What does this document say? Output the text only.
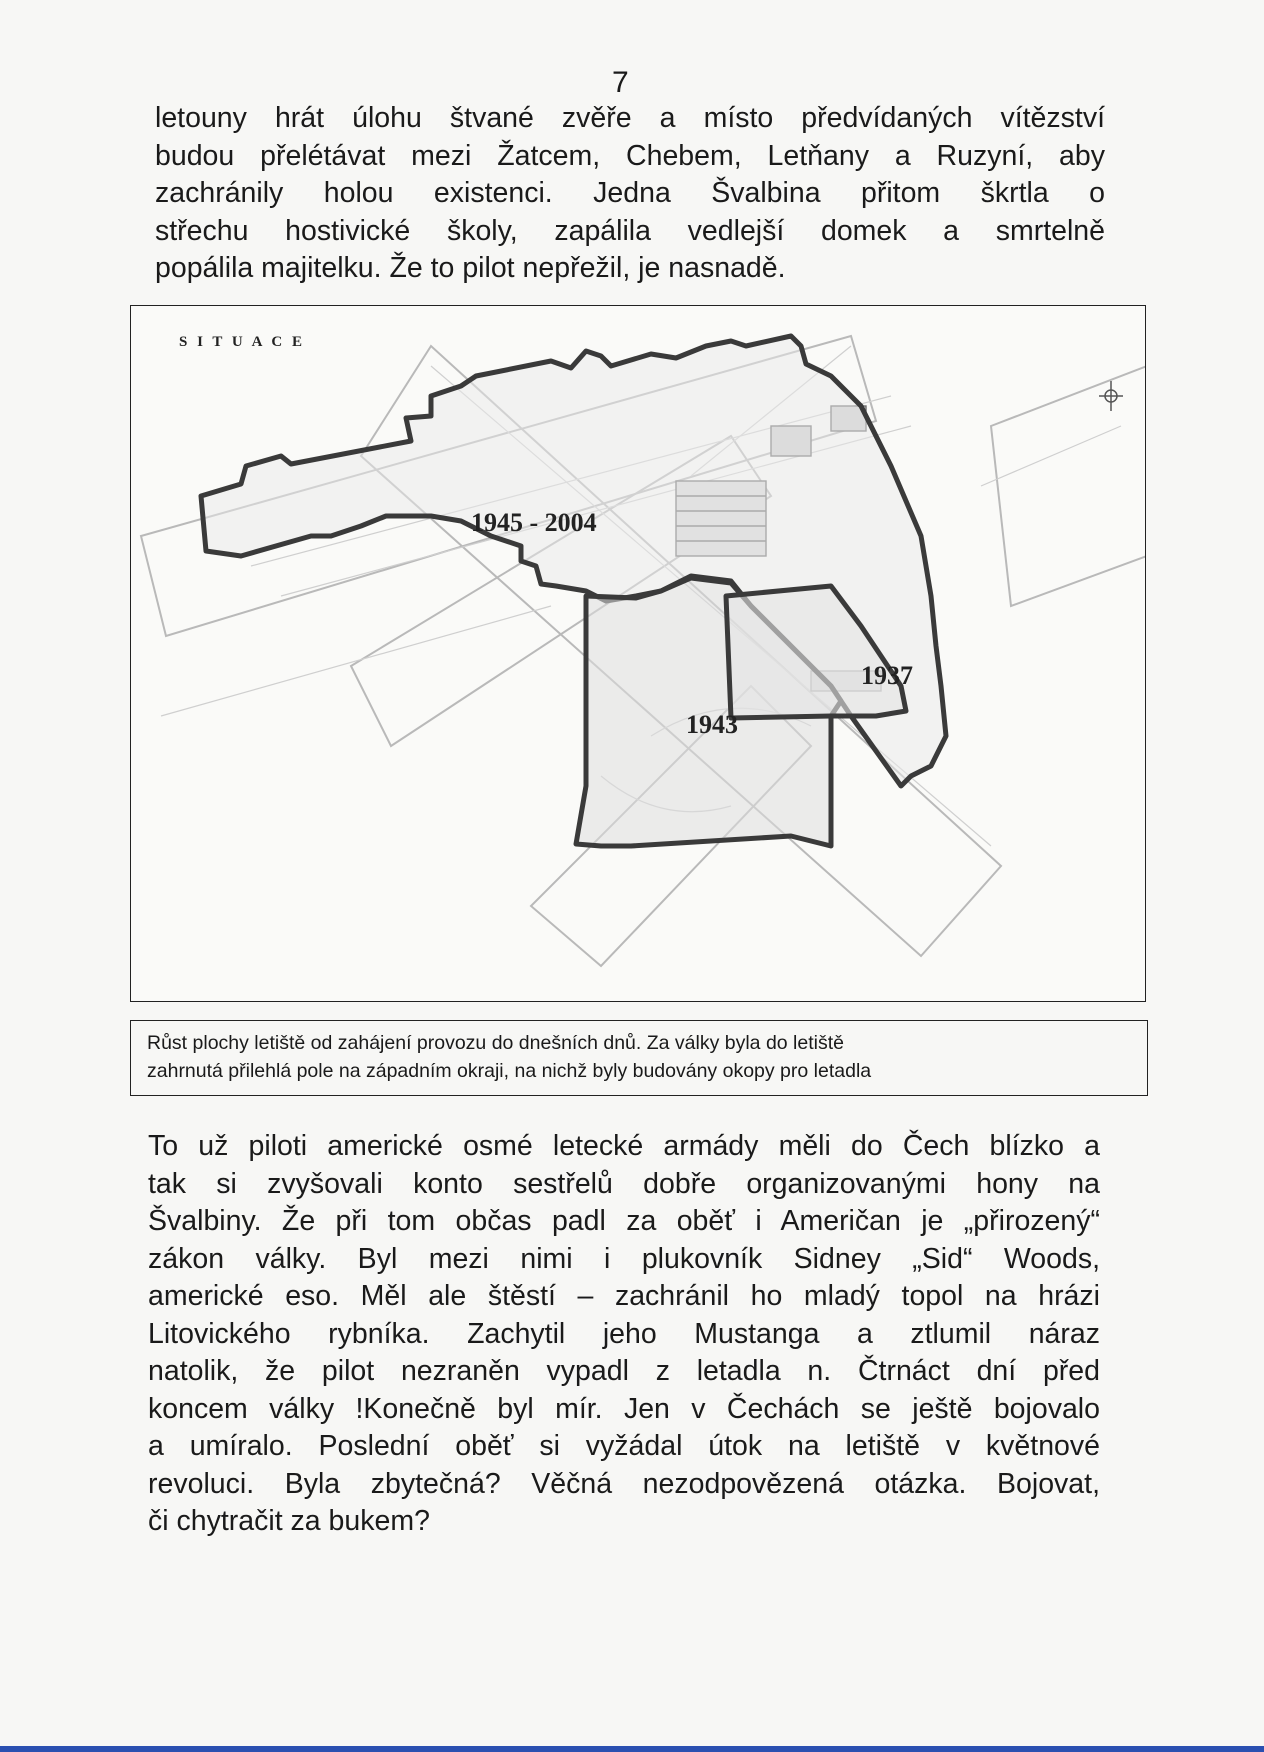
7
letouny hrát úlohu štvané zvěře a místo předvídaných vítězství
budou přelétávat mezi Žatcem, Chebem, Letňany a Ruzyní, aby
zachránily holou existenci. Jedna Švalbina přitom škrtla o
střechu hostivické školy, zapálila vedlejší domek a smrtelně
popálila majitelku. Že to pilot nepřežil, je nasnadě.
S I T U A C E
1945 - 2004
1943
1937
Růst plochy letiště od zahájení provozu do dnešních dnů. Za války byla do letiště
zahrnutá přilehlá pole na západním okraji, na nichž byly budovány okopy pro letadla
To už piloti americké osmé letecké armády měli do Čech blízko a
tak si zvyšovali konto sestřelů dobře organizovanými hony na
Švalbiny. Že při tom občas padl za oběť i Američan je „přirozený“
zákon války. Byl mezi nimi i plukovník Sidney „Sid“ Woods,
americké eso. Měl ale štěstí – zachránil ho mladý topol na hrázi
Litovického rybníka. Zachytil jeho Mustanga a ztlumil náraz
natolik, že pilot nezraněn vypadl z letadla n. Čtrnáct dní před
koncem války !Konečně byl mír. Jen v Čechách se ještě bojovalo
a umíralo. Poslední oběť si vyžádal útok na letiště v květnové
revoluci. Byla zbytečná? Věčná nezodpovězená otázka. Bojovat,
či chytračit za bukem?
